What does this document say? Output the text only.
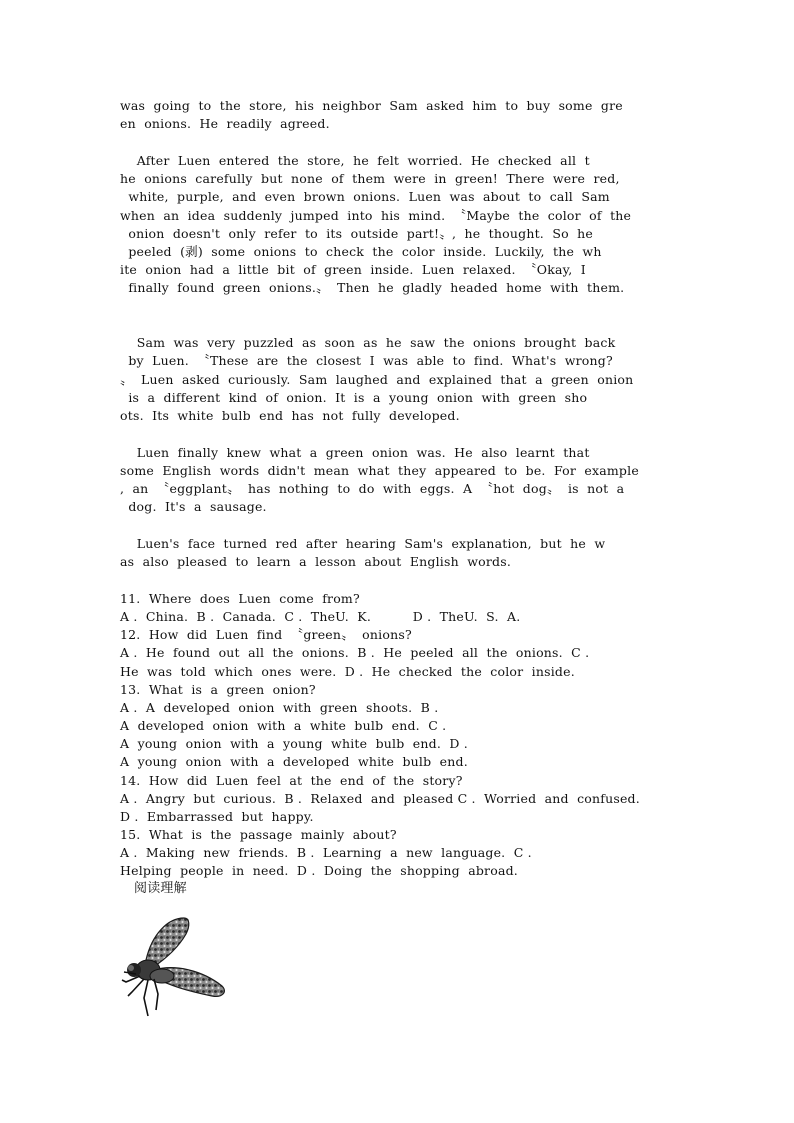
was  going  to  the  store,  his  neighbor  Sam  asked  him  to  buy  some  gre
en  onions.  He  readily  agreed.
After  Luen  entered  the  store,  he  felt  worried.  He  checked  all  t
he  onions  carefully  but  none  of  them  were  in  green!  There  were  red,
white,  purple,  and  even  brown  onions.  Luen  was  about  to  call  Sam
when  an  idea  suddenly  jumped  into  his  mind.  〝Maybe  the  color  of  the
onion  doesn't  only  refer  to  its  outside  part!〟,  he  thought.  So  he
peeled  (剥)  some  onions  to  check  the  color  inside.  Luckily,  the  wh
ite  onion  had  a  little  bit  of  green  inside.  Luen  relaxed.  〝Okay,  I
finally  found  green  onions.〟  Then  he  gladly  headed  home  with  them.
Sam  was  very  puzzled  as  soon  as  he  saw  the  onions  brought  back
by  Luen.  〝These  are  the  closest  I  was  able  to  find.  What's  wrong?
〟  Luen  asked  curiously.  Sam  laughed  and  explained  that  a  green  onion
is  a  different  kind  of  onion.  It  is  a  young  onion  with  green  sho
ots.  Its  white  bulb  end  has  not  fully  developed.
Luen  finally  knew  what  a  green  onion  was.  He  also  learnt  that
some  English  words  didn't  mean  what  they  appeared  to  be.  For  example
,  an  〝eggplant〟  has  nothing  to  do  with  eggs.  A  〝hot  dog〟  is  not  a
dog.  It's  a  sausage.
Luen's  face  turned  red  after  hearing  Sam's  explanation,  but  he  w
as  also  pleased  to  learn  a  lesson  about  English  words.
11.  Where  does  Luen  come  from?
A .  China.  B .  Canada.  C .  TheU.  K.          D .  TheU.  S.  A.
12.  How  did  Luen  find  〝green〟  onions?
A .  He  found  out  all  the  onions.  B .  He  peeled  all  the  onions.  C .
He  was  told  which  ones  were.  D .  He  checked  the  color  inside.
13.  What  is  a  green  onion?
A .  A  developed  onion  with  green  shoots.  B .
A  developed  onion  with  a  white  bulb  end.  C .
A  young  onion  with  a  young  white  bulb  end.  D .
A  young  onion  with  a  developed  white  bulb  end.
14.  How  did  Luen  feel  at  the  end  of  the  story?
A .  Angry  but  curious.  B .  Relaxed  and  pleased C .  Worried  and  confused.
D .  Embarrassed  but  happy.
15.  What  is  the  passage  mainly  about?
A .  Making  new  friends.  B .  Learning  a  new  language.  C .
Helping  people  in  need.  D .  Doing  the  shopping  abroad.
阅读理解
